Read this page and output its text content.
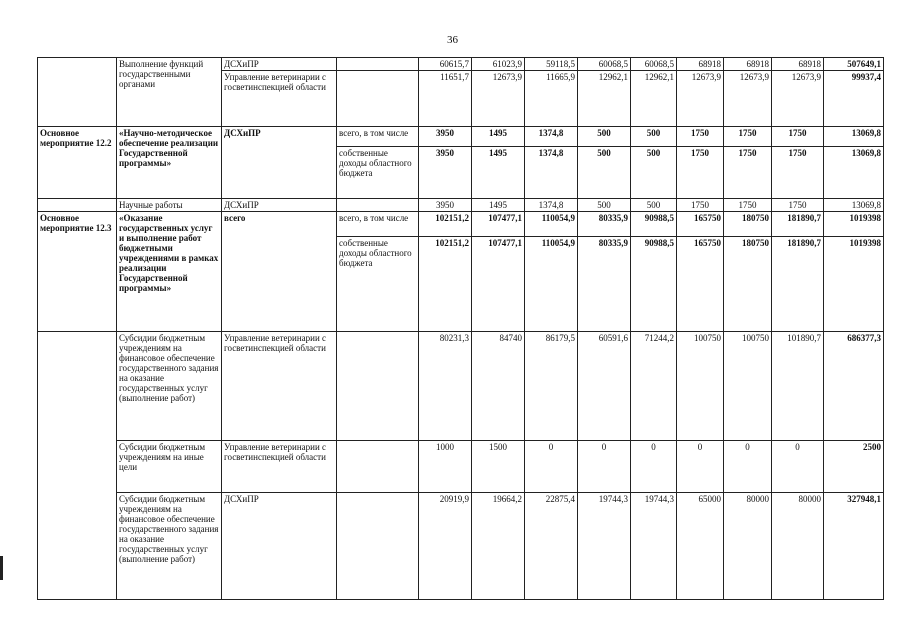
36
	Выполнение функций государственными органами	ДСХиПР		60615,7	61023,9	59118,5	60068,5	60068,5	68918	68918	68918	507649,1
		Управление ветеринарии с госветинспекцией области		11651,7	12673,9	11665,9	12962,1	12962,1	12673,9	12673,9	12673,9	99937,4
Основное мероприятие 12.2	«Научно-методическое обеспечение реализации Государственной программы»	ДСХиПР	всего, в том числе	3950	1495	1374,8	500	500	1750	1750	1750	13069,8
			собственные доходы областного бюджета	3950	1495	1374,8	500	500	1750	1750	1750	13069,8
	Научные работы	ДСХиПР		3950	1495	1374,8	500	500	1750	1750	1750	13069,8
Основное мероприятие 12.3	«Оказание государственных услуг и выполнение работ бюджетными учреждениями в рамках реализации Государственной программы»	всего	всего, в том числе	102151,2	107477,1	110054,9	80335,9	90988,5	165750	180750	181890,7	1019398
			собственные доходы областного бюджета	102151,2	107477,1	110054,9	80335,9	90988,5	165750	180750	181890,7	1019398
	Субсидии бюджетным учреждениям на финансовое обеспечение государственного задания на оказание государственных услуг (выполнение работ)	Управление ветеринарии с госветинспекцией области		80231,3	84740	86179,5	60591,6	71244,2	100750	100750	101890,7	686377,3
	Субсидии бюджетным учреждениям на иные цели	Управление ветеринарии с госветинспекцией области		1000	1500	0	0	0	0	0	0	2500
	Субсидии бюджетным учреждениям на финансовое обеспечение государственного задания на оказание государственных услуг (выполнение работ)	ДСХиПР		20919,9	19664,2	22875,4	19744,3	19744,3	65000	80000	80000	327948,1
